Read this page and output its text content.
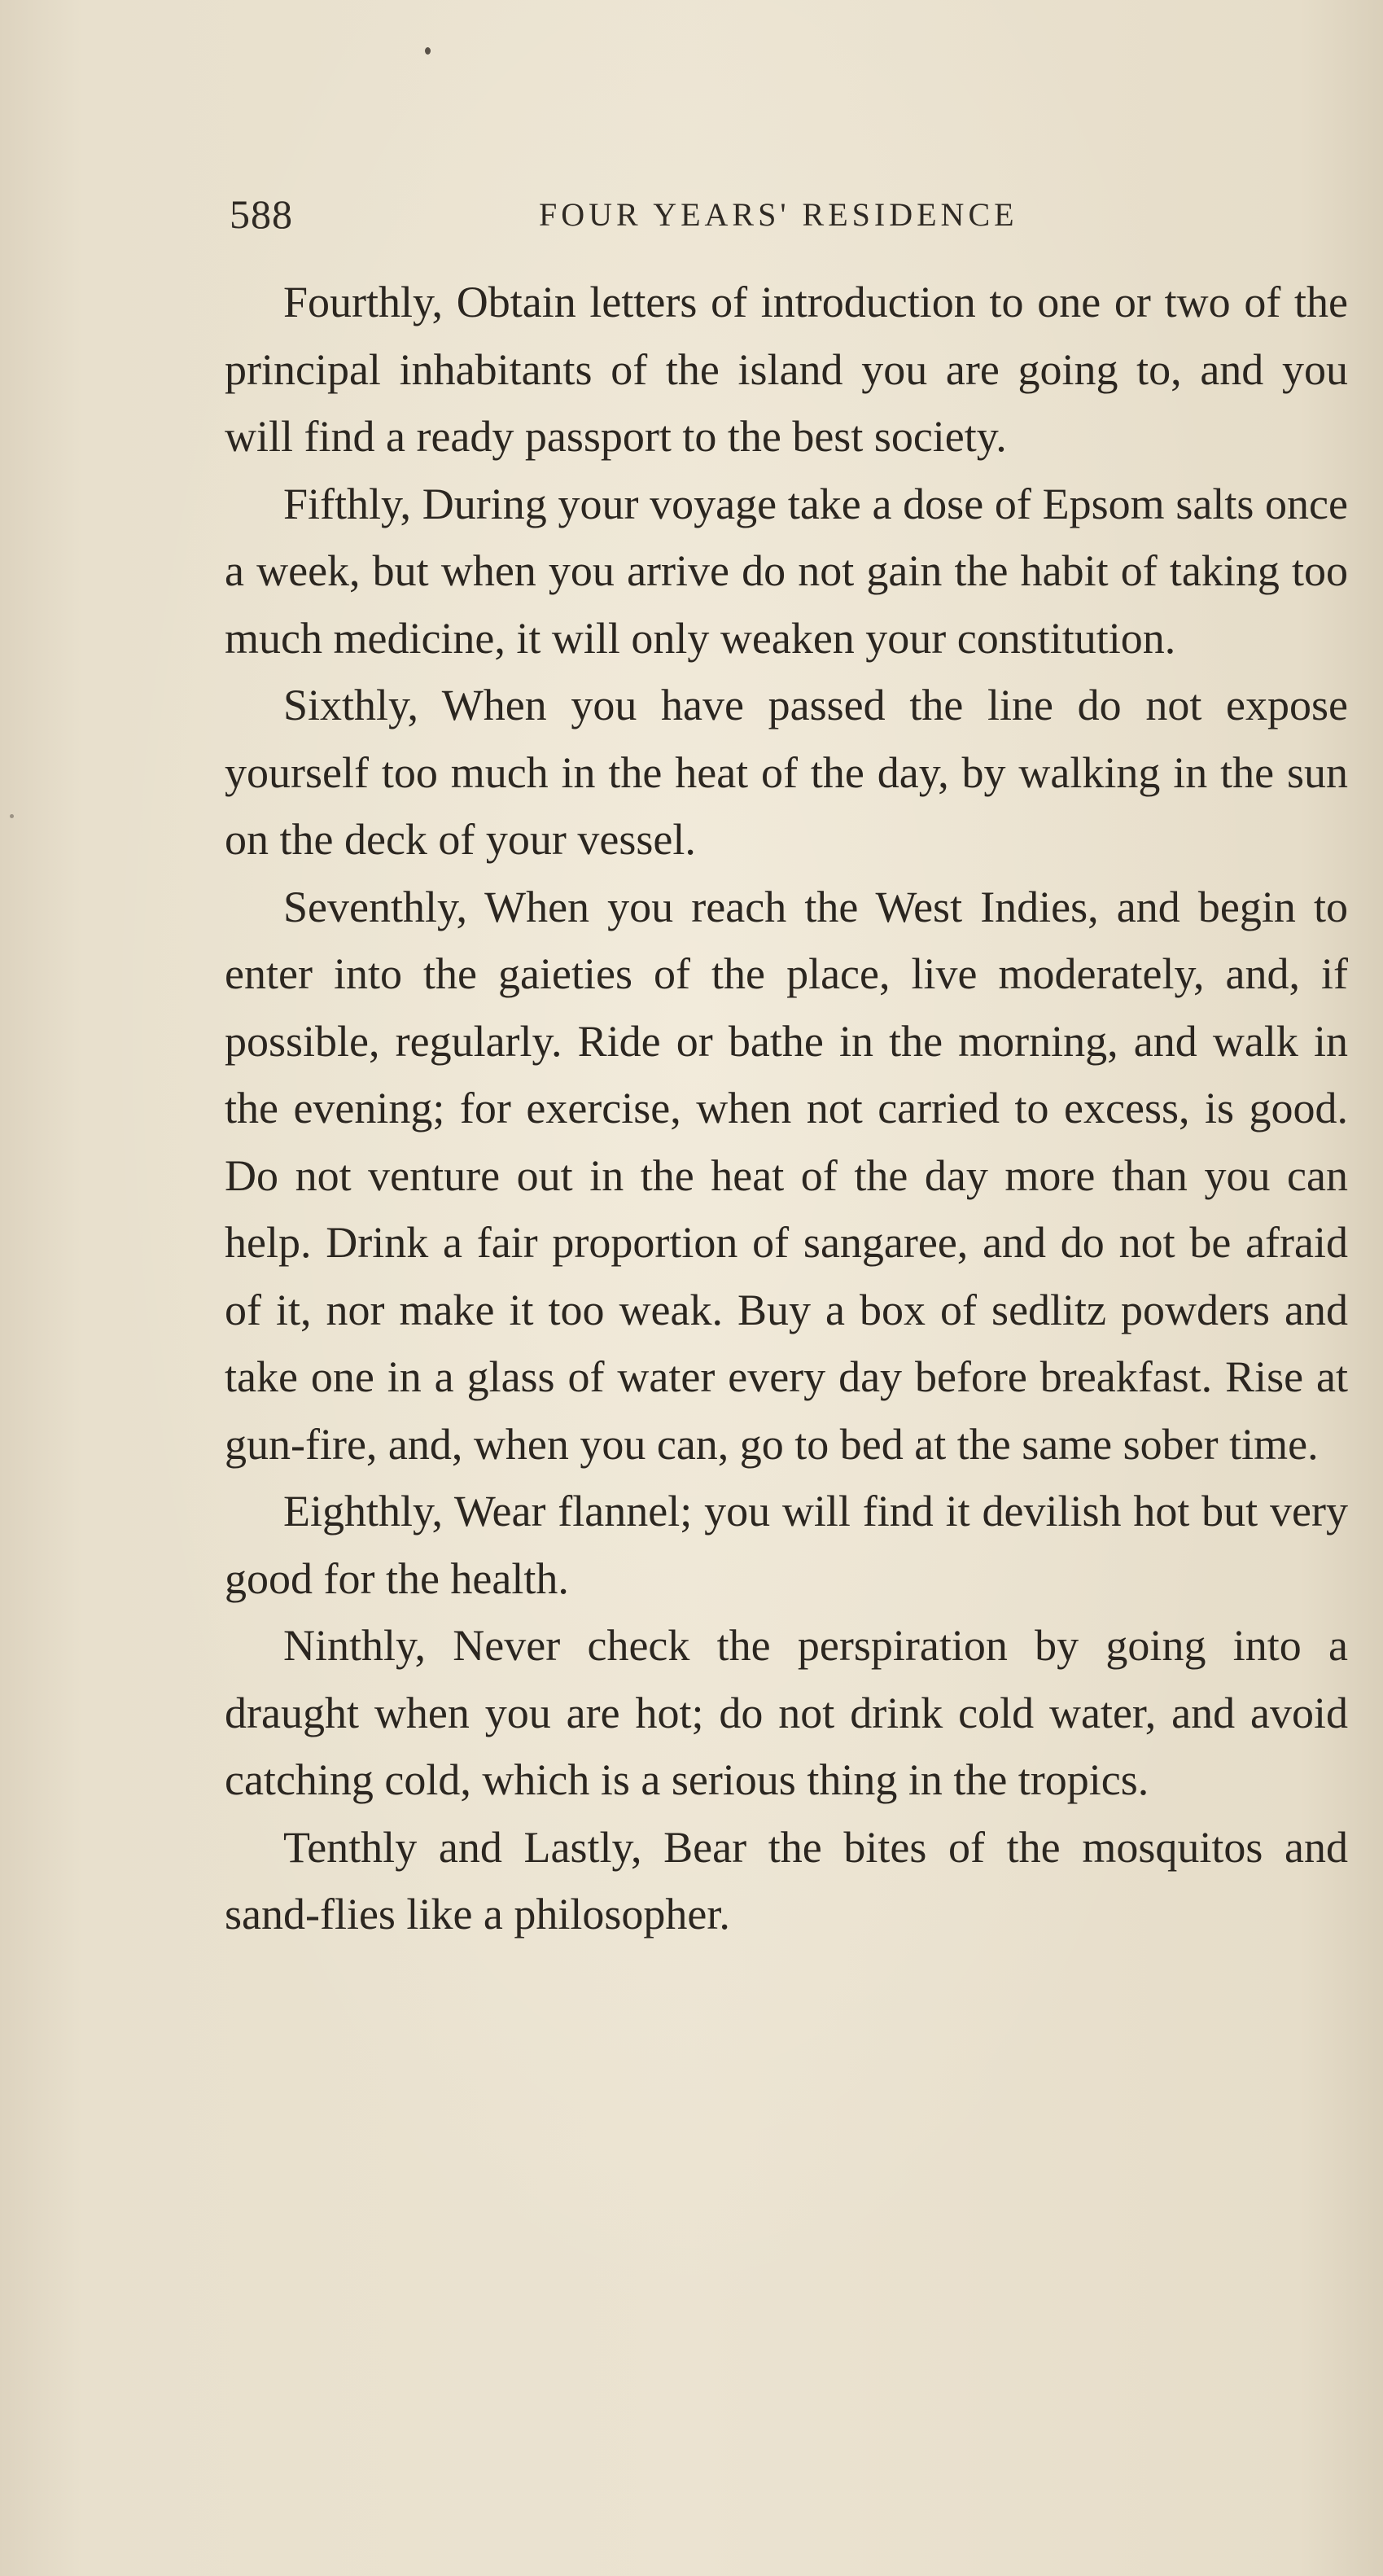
588	FOUR YEARS' RESIDENCE

Fourthly, Obtain letters of introduction to one or two of the principal inhabitants of the island you are going to, and you will find a ready passport to the best society.

Fifthly, During your voyage take a dose of Epsom salts once a week, but when you arrive do not gain the habit of taking too much medicine, it will only weaken your constitution.

Sixthly, When you have passed the line do not expose yourself too much in the heat of the day, by walking in the sun on the deck of your vessel.

Seventhly, When you reach the West Indies, and begin to enter into the gaieties of the place, live moderately, and, if possible, regularly. Ride or bathe in the morning, and walk in the evening; for exercise, when not carried to excess, is good. Do not venture out in the heat of the day more than you can help. Drink a fair proportion of sangaree, and do not be afraid of it, nor make it too weak. Buy a box of sedlitz powders and take one in a glass of water every day before breakfast. Rise at gun-fire, and, when you can, go to bed at the same sober time.

Eighthly, Wear flannel; you will find it devilish hot but very good for the health.

Ninthly, Never check the perspiration by going into a draught when you are hot; do not drink cold water, and avoid catching cold, which is a serious thing in the tropics.

Tenthly and Lastly, Bear the bites of the mosquitos and sand-flies like a philosopher.
